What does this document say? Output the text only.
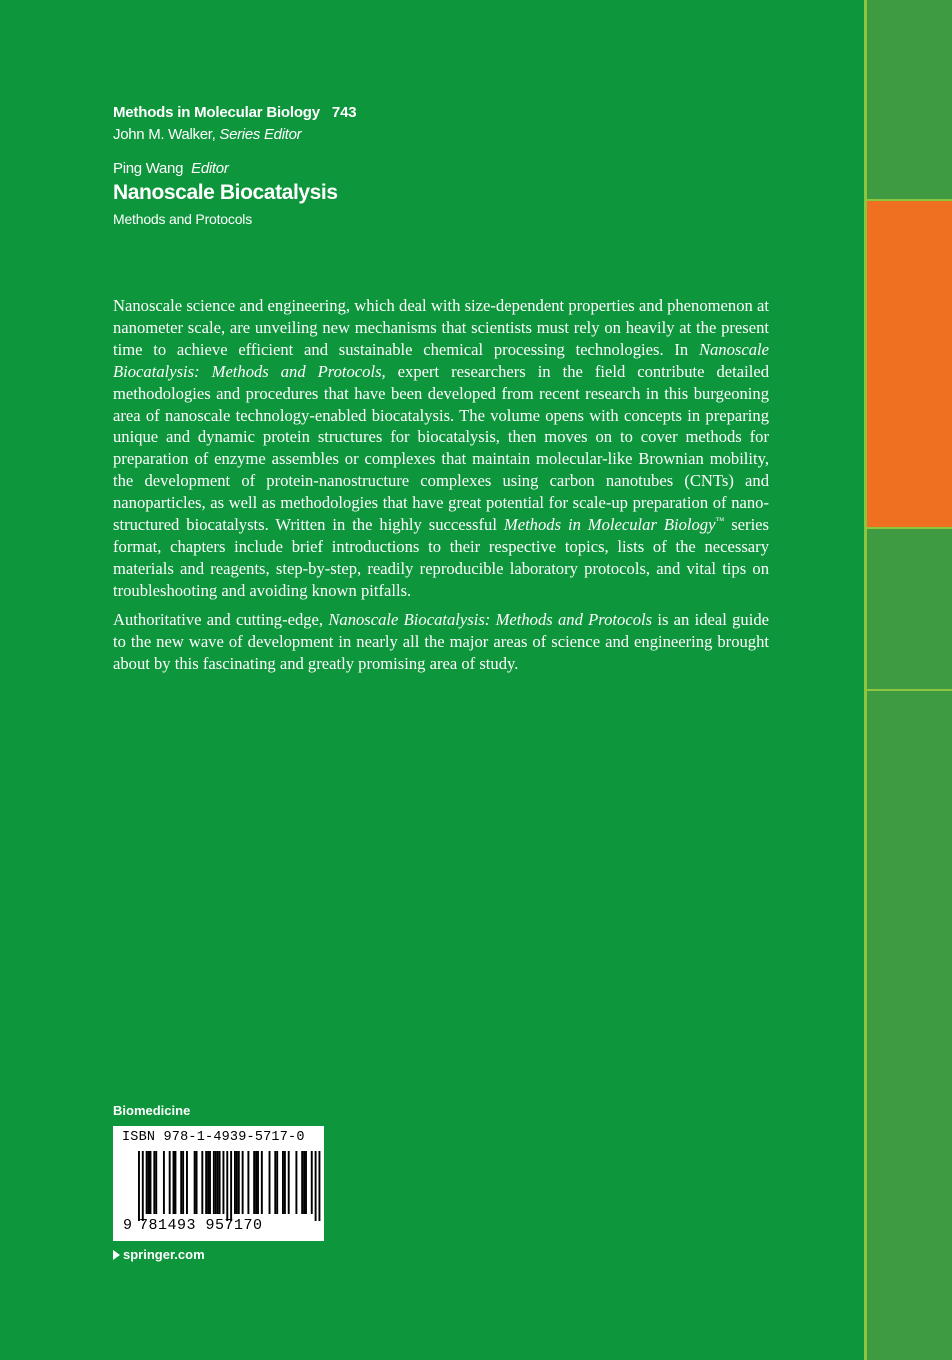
Methods in Molecular Biology 743
John M. Walker, Series Editor
Ping Wang Editor
Nanoscale Biocatalysis
Methods and Protocols

Nanoscale science and engineering, which deal with size-dependent properties and phenomenon at nanometer scale, are unveiling new mechanisms that scientists must rely on heavily at the present time to achieve efficient and sustainable chemical processing technologies. In Nanoscale Biocatalysis: Methods and Protocols, expert researchers in the field contribute detailed methodologies and procedures that have been developed from recent research in this burgeoning area of nanoscale technology-enabled biocatalysis. The volume opens with concepts in preparing unique and dynamic protein structures for biocatalysis, then moves on to cover methods for preparation of enzyme assembles or complexes that maintain molecular-like Brownian mobility, the development of protein-nanostructure complexes using carbon nanotubes (CNTs) and nanoparticles, as well as methodologies that have great potential for scale-up preparation of nano-structured biocatalysts. Written in the highly successful Methods in Molecular Biology™ series format, chapters include brief introductions to their respective topics, lists of the necessary materials and reagents, step-by-step, readily reproducible laboratory protocols, and vital tips on troubleshooting and avoiding known pitfalls.

Authoritative and cutting-edge, Nanoscale Biocatalysis: Methods and Protocols is an ideal guide to the new wave of development in nearly all the major areas of science and engineering brought about by this fascinating and greatly promising area of study.

Biomedicine
ISBN 978-1-4939-5717-0
9 781493 957170
springer.com
